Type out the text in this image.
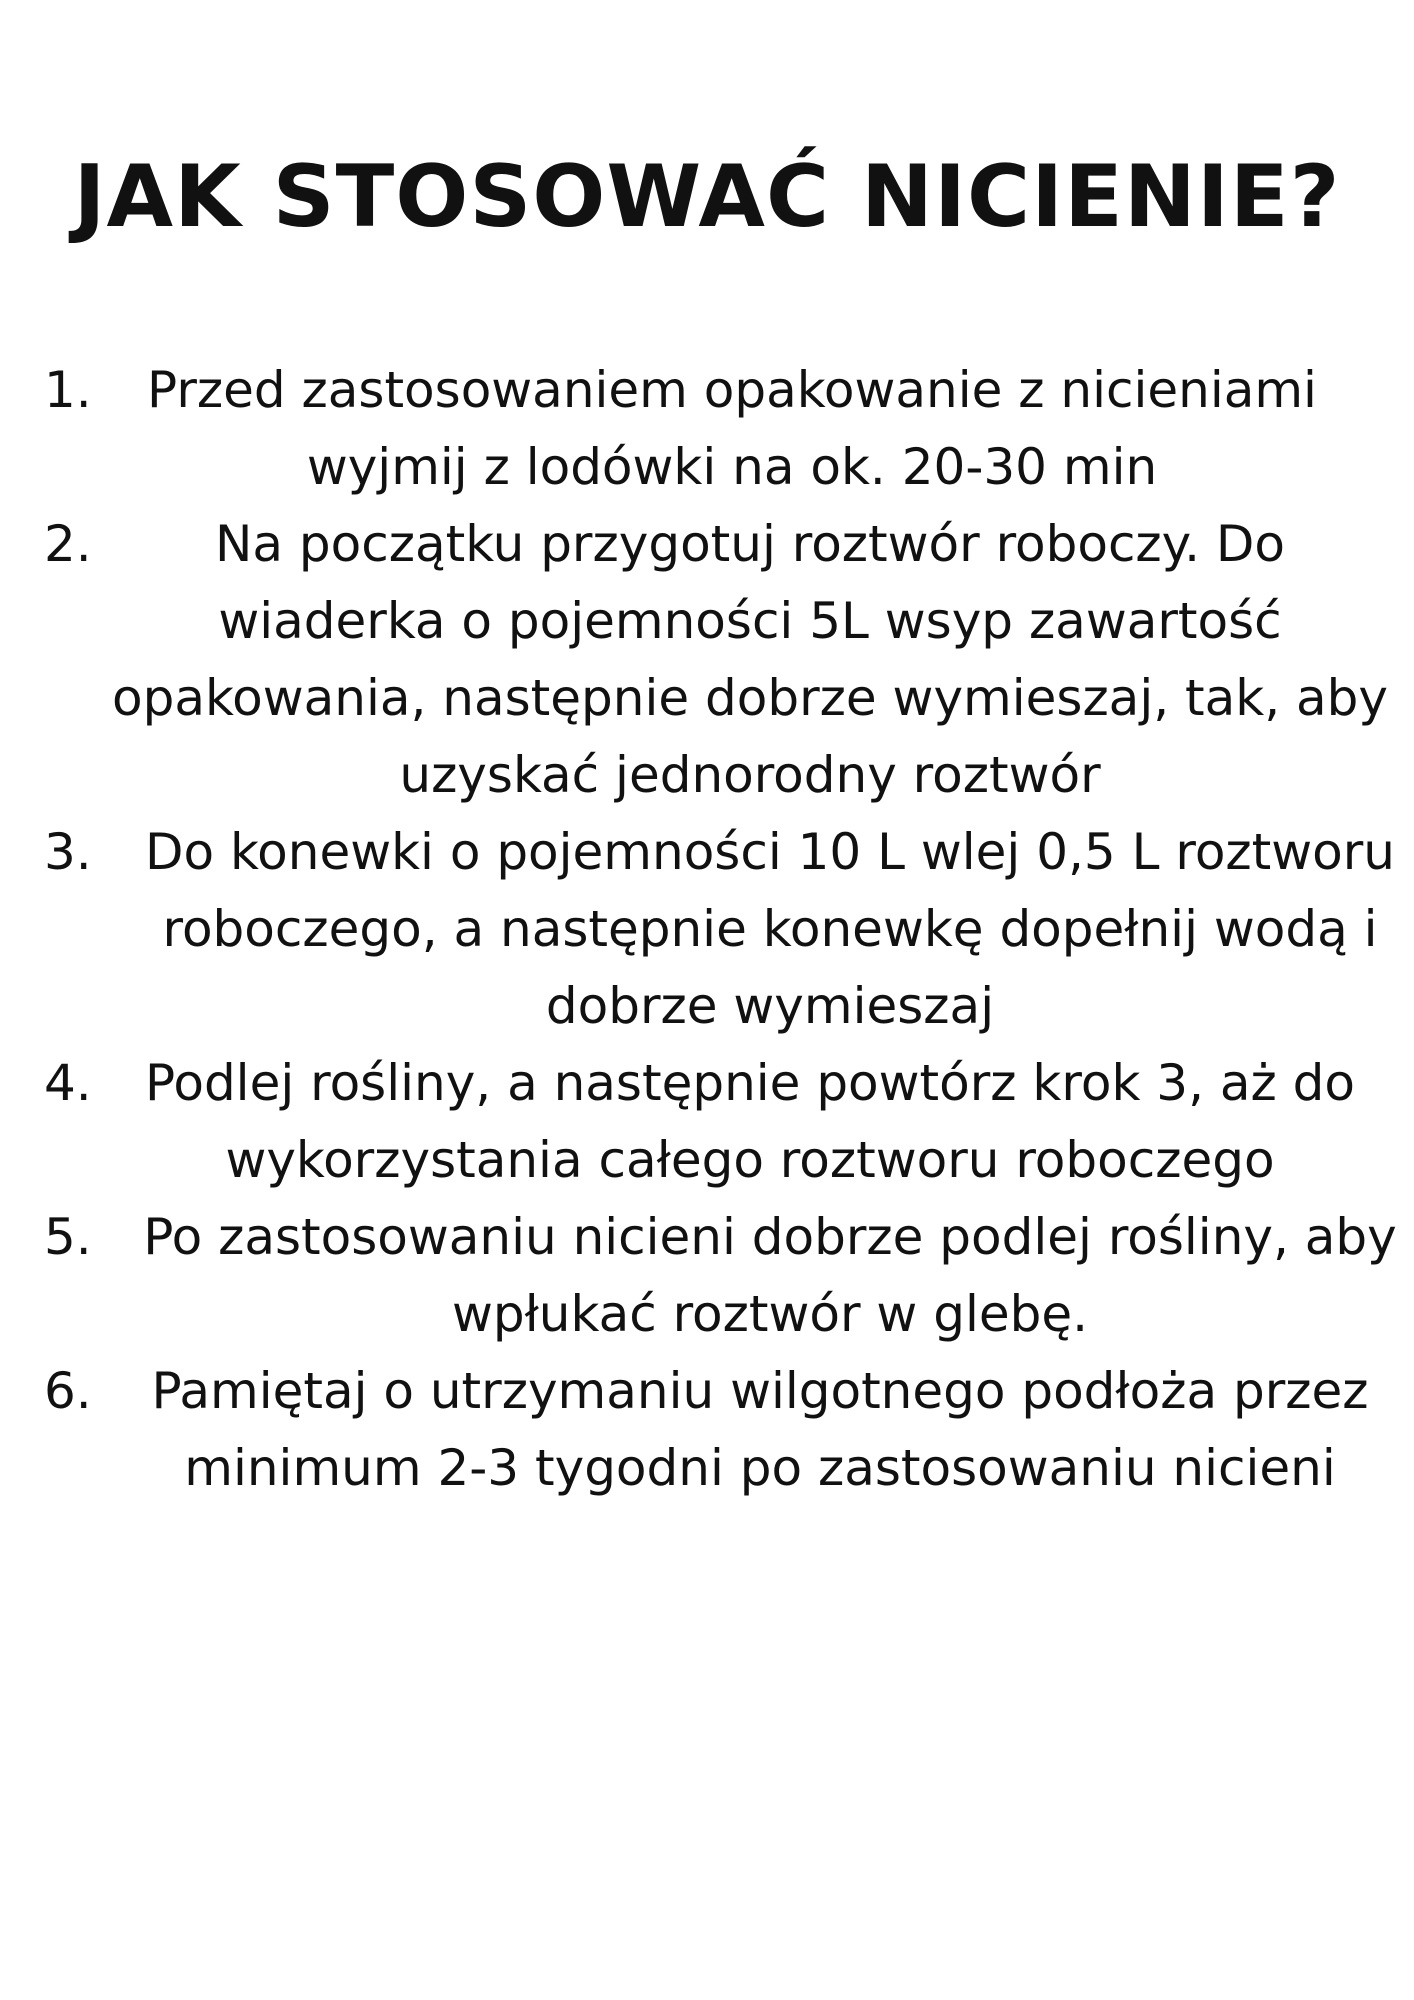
JAK STOSOWAĆ NICIENIE?
1.	Przed zastosowaniem opakowanie z nicieniami wyjmij z lodówki na ok. 20-30 min
2.	Na początku przygotuj roztwór roboczy. Do wiaderka o pojemności 5L wsyp zawartość opakowania, następnie dobrze wymieszaj, tak, aby uzyskać jednorodny roztwór
3.	Do konewki o pojemności 10 L wlej 0,5 L roztworu roboczego, a następnie konewkę dopełnij wodą i dobrze wymieszaj
4.	Podlej rośliny, a następnie powtórz krok 3, aż do wykorzystania całego roztworu roboczego
5.	Po zastosowaniu nicieni dobrze podlej rośliny, aby wpłukać roztwór w glebę.
6.	Pamiętaj o utrzymaniu wilgotnego podłoża przez minimum 2-3 tygodni po zastosowaniu nicieni
